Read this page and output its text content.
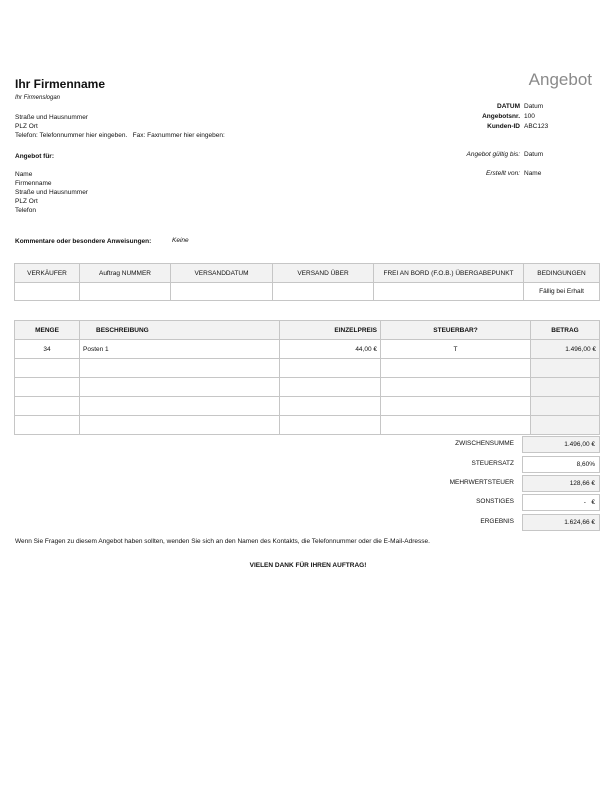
Ihr Firmenname
Ihr Firmenslogan
Straße und Hausnummer
PLZ Ort
Telefon: Telefonnummer hier eingeben.   Fax: Faxnummer hier eingeben:
Angebot
DATUM Datum
Angebotsnr. 100
Kunden-ID ABC123
Angebot gültig bis: Datum
Erstellt von: Name
Angebot für:
Name
Firmenname
Straße und Hausnummer
PLZ Ort
Telefon
Kommentare oder besondere Anweisungen:	Keine
VERKÄUFER	Auftrag NUMMER	VERSANDDATUM	VERSAND ÜBER	FREI AN BORD (F.O.B.) ÜBERGABEPUNKT	BEDINGUNGEN
					Fällig bei Erhalt
MENGE	BESCHREIBUNG	EINZELPREIS	STEUERBAR?	BETRAG
34	Posten 1	44,00 €	T	1.496,00 €

ZWISCHENSUMME	1.496,00 €
STEUERSATZ	8,60%
MEHRWERTSTEUER	128,66 €
SONSTIGES	-   €
ERGEBNIS	1.624,66 €
Wenn Sie Fragen zu diesem Angebot haben sollten, wenden Sie sich an den Namen des Kontakts, die Telefonnummer oder die E-Mail-Adresse.
VIELEN DANK FÜR IHREN AUFTRAG!
